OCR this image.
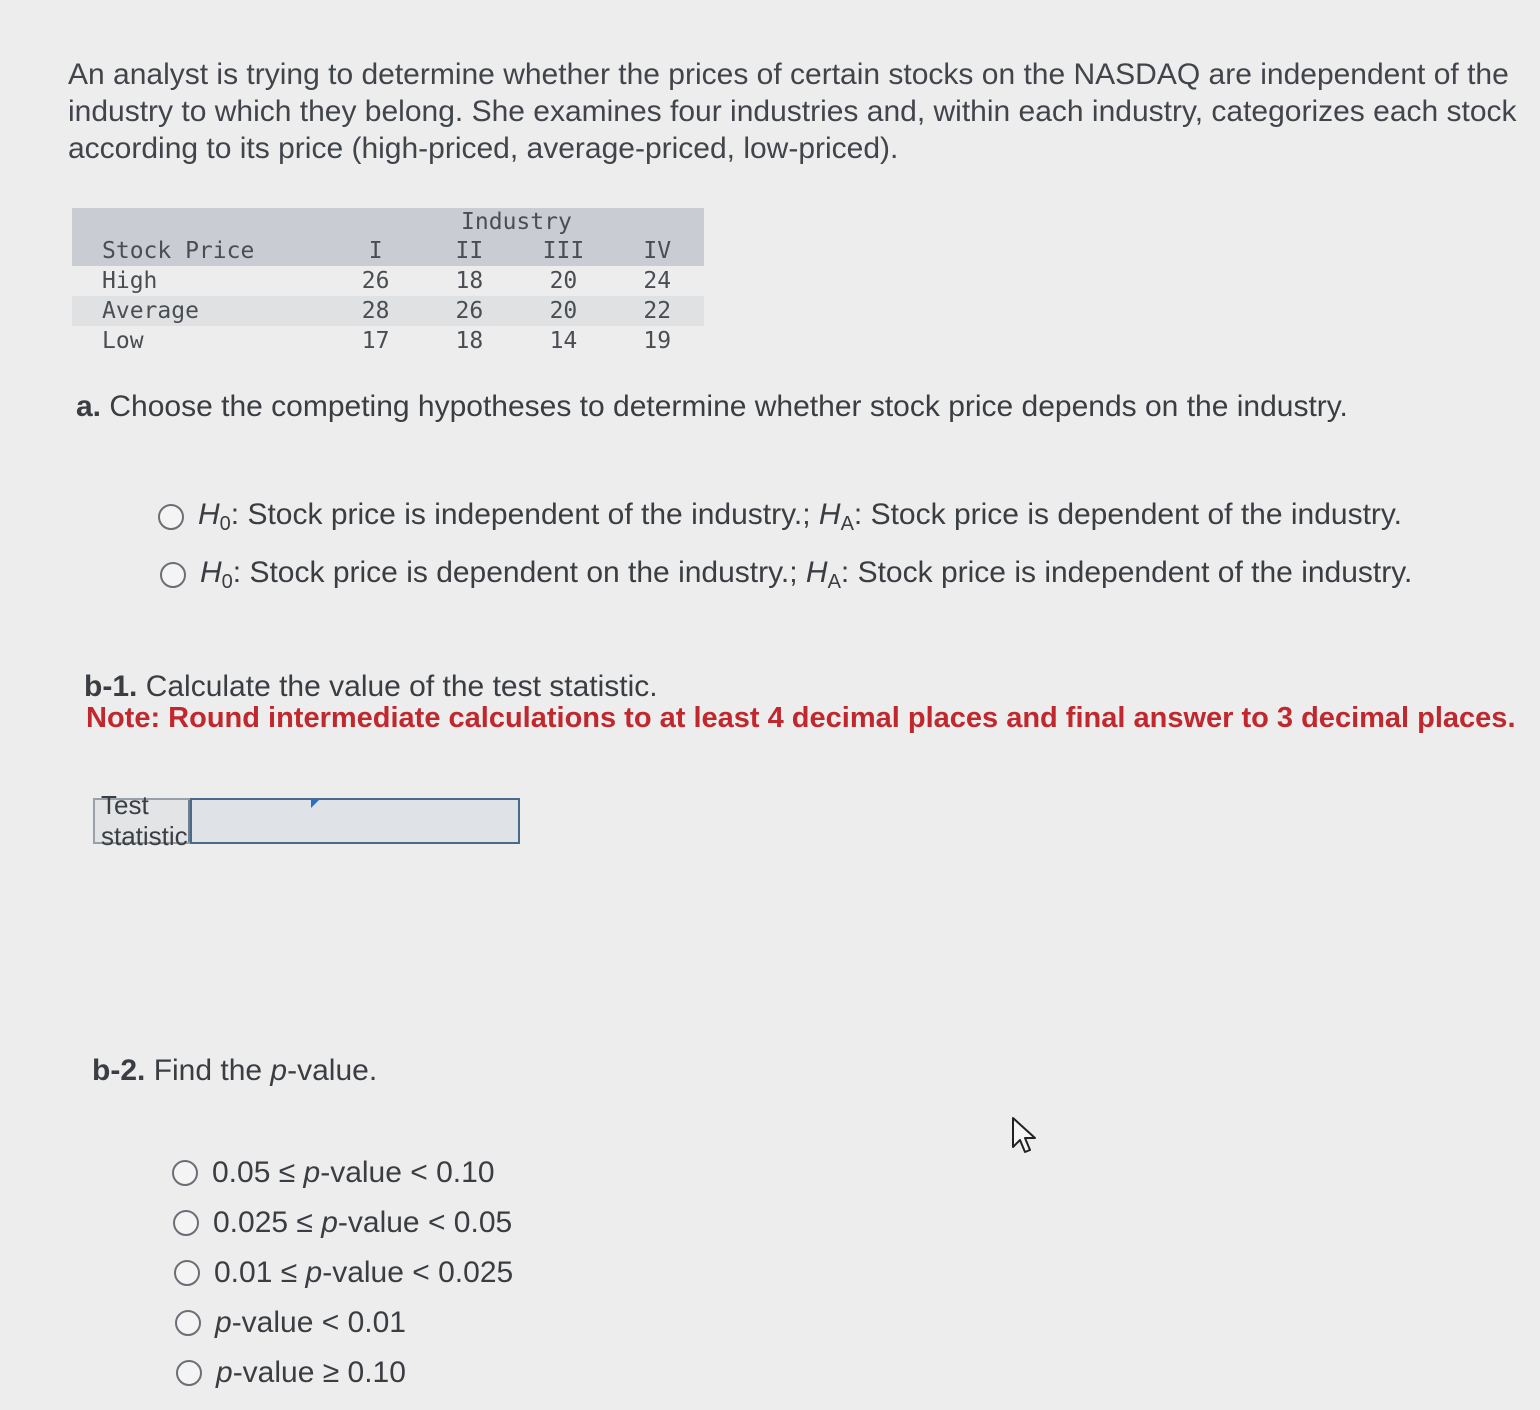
An analyst is trying to determine whether the prices of certain stocks on the NASDAQ are independent of the industry to which they belong. She examines four industries and, within each industry, categorizes each stock according to its price (high-priced, average-priced, low-priced).
		Industry		
Stock Price	I	II	III	IV
High	26	18	20	24
Average	28	26	20	22
Low	17	18	14	19
a. Choose the competing hypotheses to determine whether stock price depends on the industry.
$H_0$: Stock price is independent of the industry.; $H_A$: Stock price is dependent of the industry.
$H_0$: Stock price is dependent on the industry.; $H_A$: Stock price is independent of the industry.
b-1. Calculate the value of the test statistic.
Note: Round intermediate calculations to at least 4 decimal places and final answer to 3 decimal places.
Test statistic
b-2. Find the p-value.
0.05 ≤ p-value < 0.10
0.025 ≤ p-value < 0.05
0.01 ≤ p-value < 0.025
p-value < 0.01
p-value ≥ 0.10
